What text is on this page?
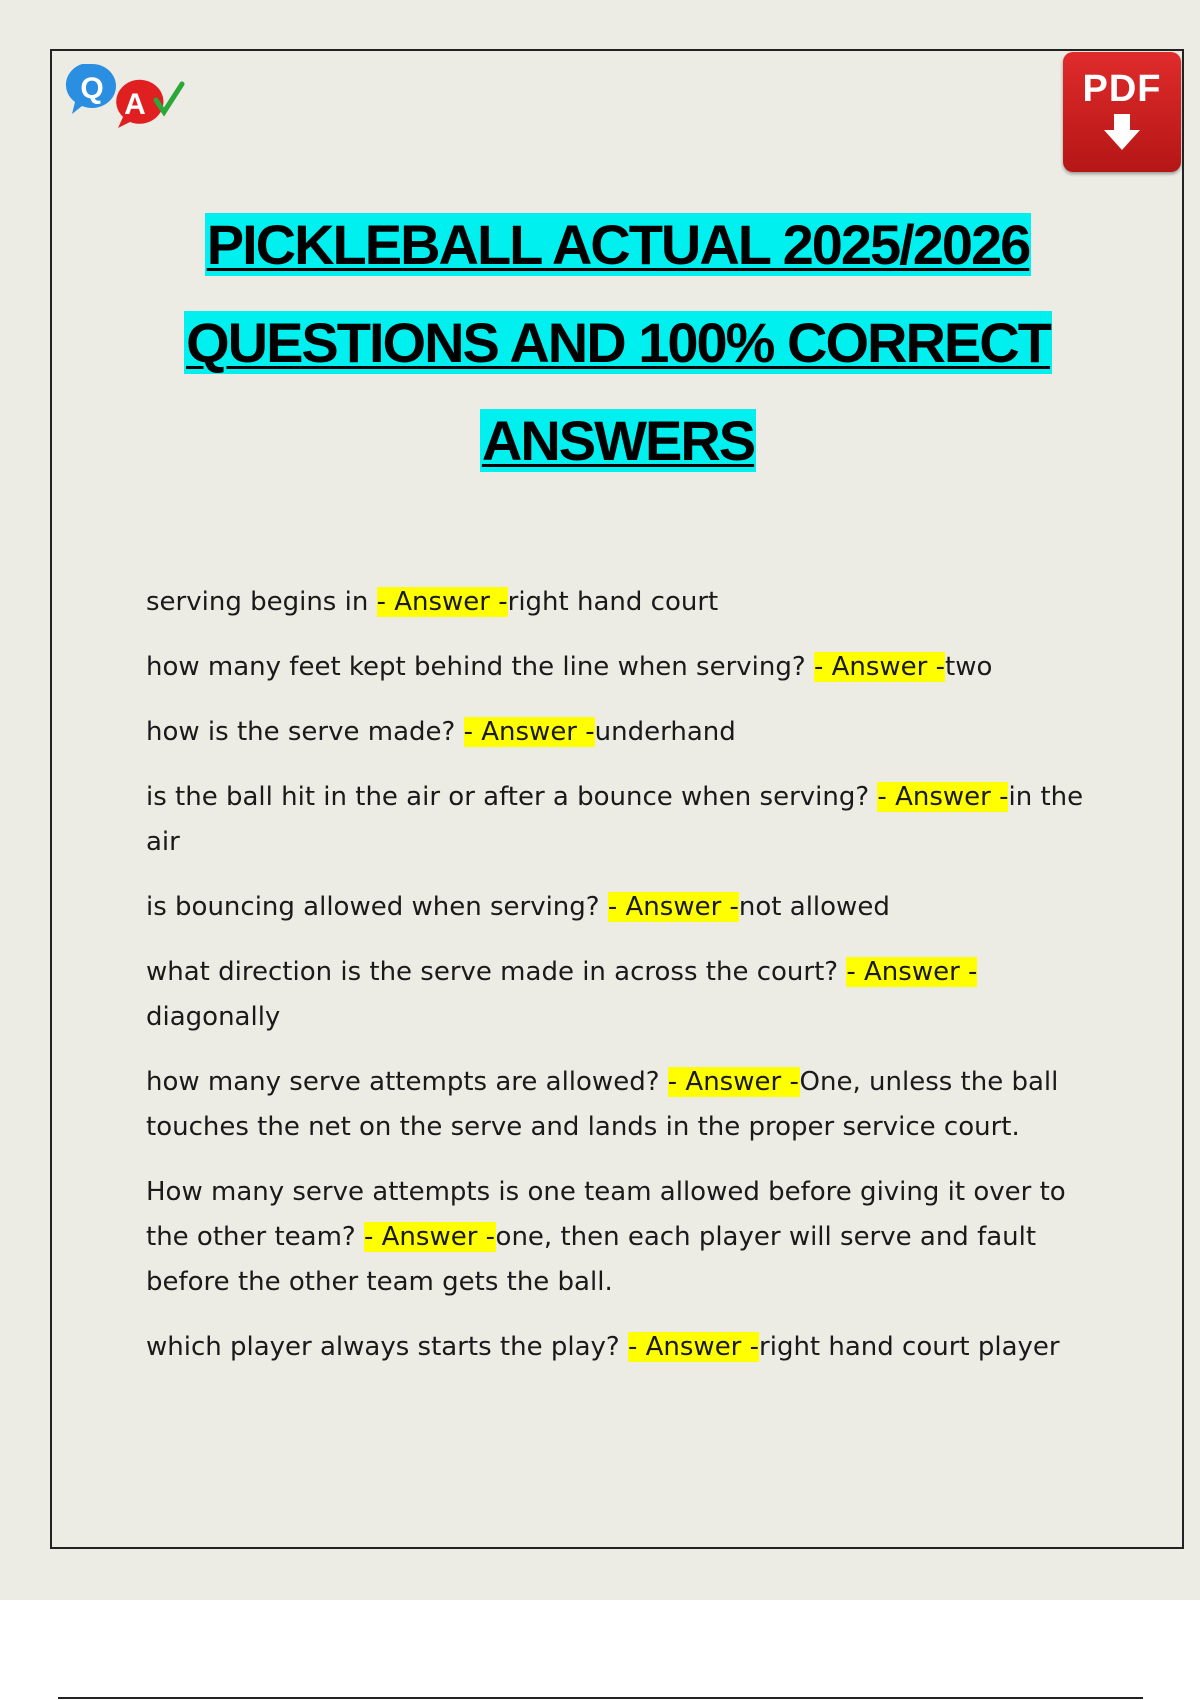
Q A	PDF
PICKLEBALL ACTUAL 2025/2026
QUESTIONS AND 100% CORRECT
ANSWERS
serving begins in - Answer -right hand court
how many feet kept behind the line when serving? - Answer -two
how is the serve made? - Answer -underhand
is the ball hit in the air or after a bounce when serving? - Answer -in the air
is bouncing allowed when serving? - Answer -not allowed
what direction is the serve made in across the court? - Answer -diagonally
how many serve attempts are allowed? - Answer -One, unless the ball touches the net on the serve and lands in the proper service court.
How many serve attempts is one team allowed before giving it over to the other team? - Answer -one, then each player will serve and fault before the other team gets the ball.
which player always starts the play? - Answer -right hand court player
